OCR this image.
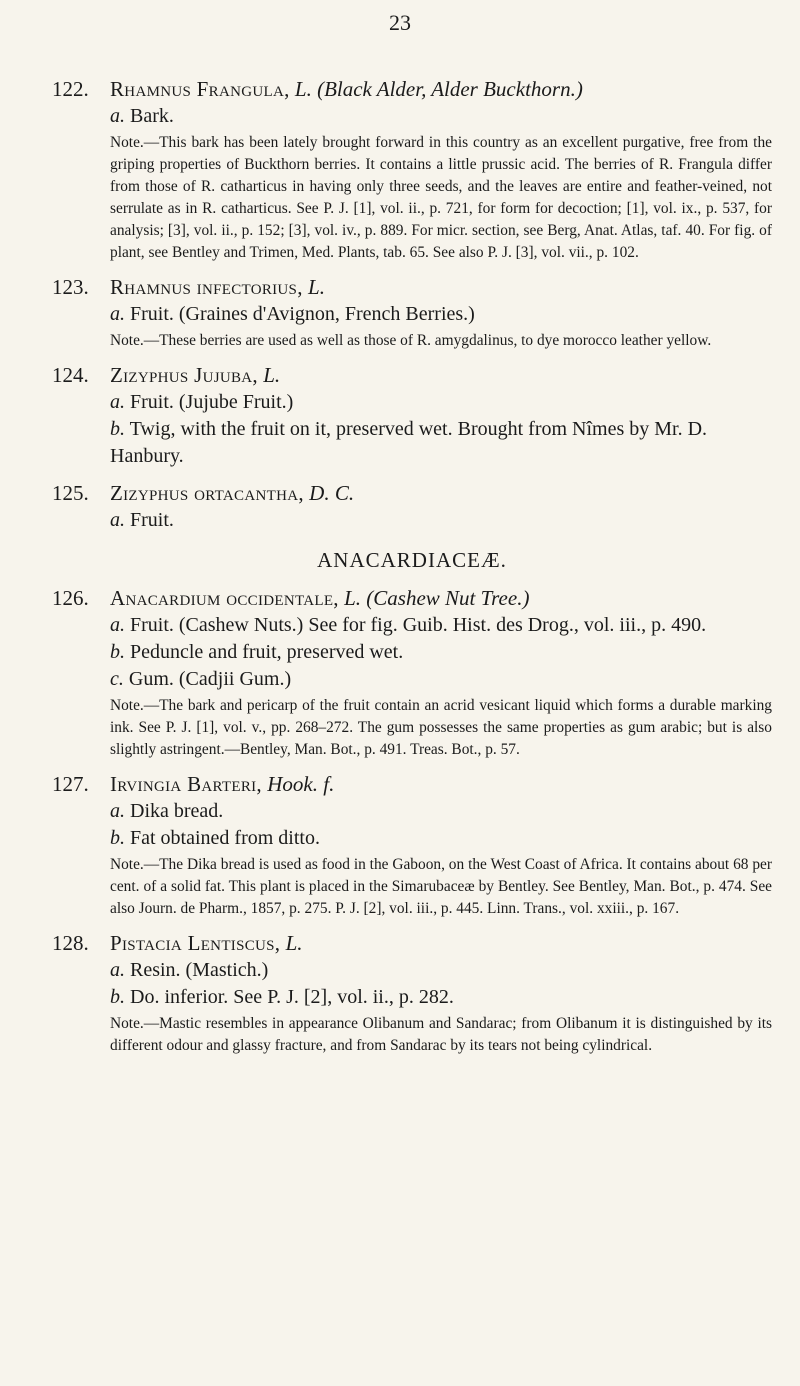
23
122. Rhamnus Frangula, L. (Black Alder, Alder Buckthorn.)
a. Bark.
Note.—This bark has been lately brought forward in this country as an excellent purgative, free from the griping properties of Buckthorn berries. It contains a little prussic acid. The berries of R. Frangula differ from those of R. catharticus in having only three seeds, and the leaves are entire and feather-veined, not serrulate as in R. catharticus. See P. J. [1], vol. ii., p. 721, for form for decoction; [1], vol. ix., p. 537, for analysis; [3], vol. ii., p. 152; [3], vol. iv., p. 889. For micr. section, see Berg, Anat. Atlas, taf. 40. For fig. of plant, see Bentley and Trimen, Med. Plants, tab. 65. See also P. J. [3], vol. vii., p. 102.
123. Rhamnus infectorius, L.
a. Fruit. (Graines d'Avignon, French Berries.)
Note.—These berries are used as well as those of R. amygdalinus, to dye morocco leather yellow.
124. Zizyphus Jujuba, L.
a. Fruit. (Jujube Fruit.)
b. Twig, with the fruit on it, preserved wet. Brought from Nîmes by Mr. D. Hanbury.
125. Zizyphus ortacantha, D. C.
a. Fruit.
ANACARDIACEÆ.
126. Anacardium occidentale, L. (Cashew Nut Tree.)
a. Fruit. (Cashew Nuts.) See for fig. Guib. Hist. des Drog., vol. iii., p. 490.
b. Peduncle and fruit, preserved wet.
c. Gum. (Cadjii Gum.)
Note.—The bark and pericarp of the fruit contain an acrid vesicant liquid which forms a durable marking ink. See P. J. [1], vol. v., pp. 268–272. The gum possesses the same properties as gum arabic; but is also slightly astringent.—Bentley, Man. Bot., p. 491. Treas. Bot., p. 57.
127. Irvingia Barteri, Hook. f.
a. Dika bread.
b. Fat obtained from ditto.
Note.—The Dika bread is used as food in the Gaboon, on the West Coast of Africa. It contains about 68 per cent. of a solid fat. This plant is placed in the Simarubaceæ by Bentley. See Bentley, Man. Bot., p. 474. See also Journ. de Pharm., 1857, p. 275. P. J. [2], vol. iii., p. 445. Linn. Trans., vol. xxiii., p. 167.
128. Pistacia Lentiscus, L.
a. Resin. (Mastich.)
b. Do. inferior. See P. J. [2], vol. ii., p. 282.
Note.—Mastic resembles in appearance Olibanum and Sandarac; from Olibanum it is distinguished by its different odour and glassy fracture, and from Sandarac by its tears not being cylindrical.
